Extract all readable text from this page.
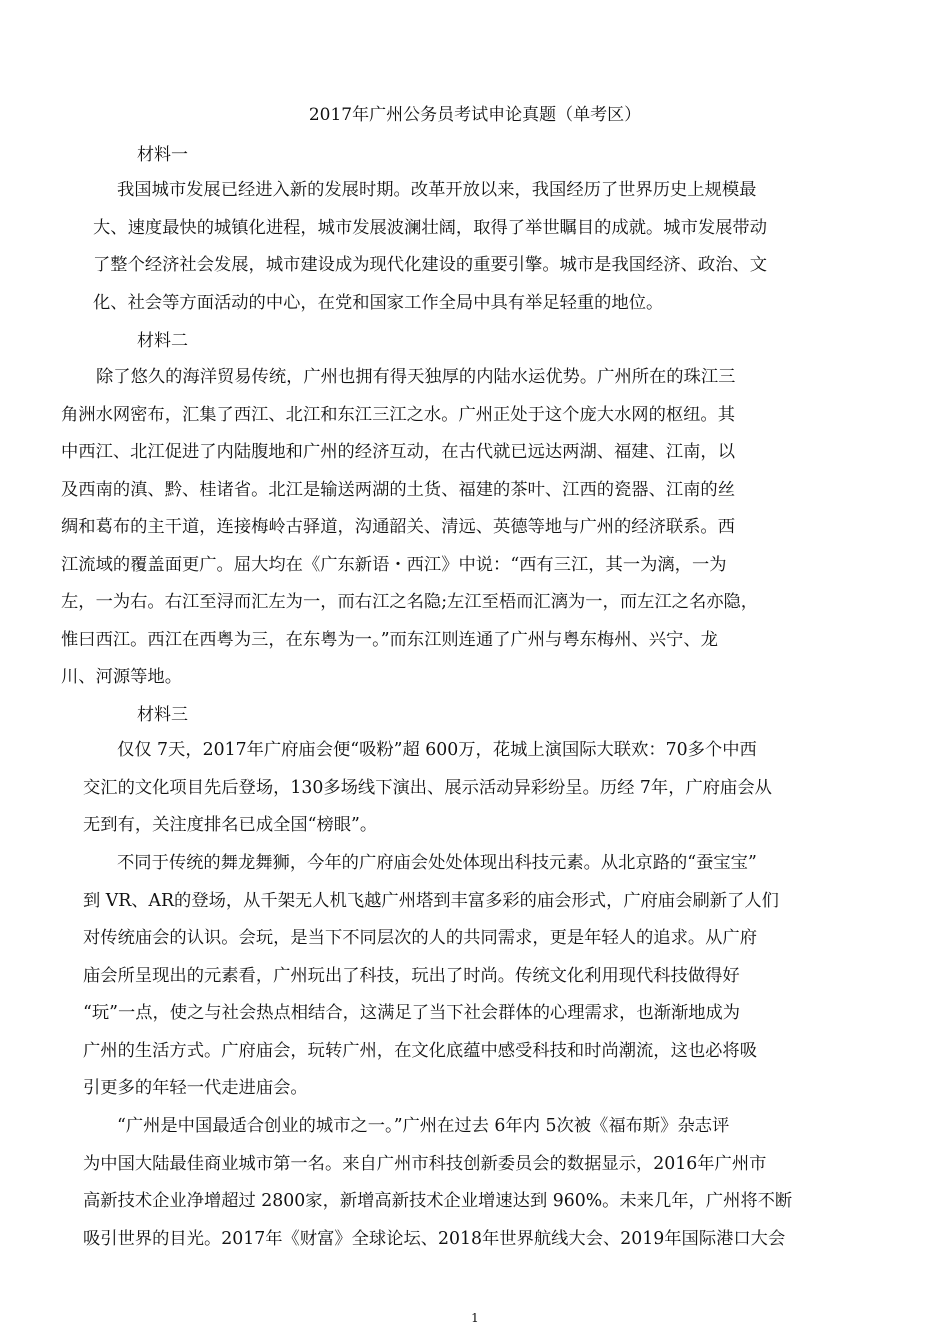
2017年广州公务员考试申论真题（单考区）
材料一
我国城市发展已经进入新的发展时期。改革开放以来，我国经历了世界历史上规模最
大、速度最快的城镇化进程，城市发展波澜壮阔，取得了举世瞩目的成就。城市发展带动
了整个经济社会发展，城市建设成为现代化建设的重要引擎。城市是我国经济、政治、文
化、社会等方面活动的中心，在党和国家工作全局中具有举足轻重的地位。
材料二
除了悠久的海洋贸易传统，广州也拥有得天独厚的内陆水运优势。广州所在的珠江三
角洲水网密布，汇集了西江、北江和东江三江之水。广州正处于这个庞大水网的枢纽。其
中西江、北江促进了内陆腹地和广州的经济互动，在古代就已远达两湖、福建、江南，以
及西南的滇、黔、桂诸省。北江是输送两湖的土货、福建的茶叶、江西的瓷器、江南的丝
绸和葛布的主干道，连接梅岭古驿道，沟通韶关、清远、英德等地与广州的经济联系。西
江流域的覆盖面更广。屈大均在《广东新语・西江》中说：“西有三江，其一为漓，一为
左，一为右。右江至浔而汇左为一，而右江之名隐;左江至梧而汇漓为一，而左江之名亦隐，
惟曰西江。西江在西粤为三，在东粤为一。”而东江则连通了广州与粤东梅州、兴宁、龙
川、河源等地。
材料三
仅仅 7天，2017年广府庙会便“吸粉”超 600万，花城上演国际大联欢：70多个中西
交汇的文化项目先后登场，130多场线下演出、展示活动异彩纷呈。历经 7年，广府庙会从
无到有，关注度排名已成全国“榜眼”。
不同于传统的舞龙舞狮，今年的广府庙会处处体现出科技元素。从北京路的“蚕宝宝”
到 VR、AR的登场，从千架无人机飞越广州塔到丰富多彩的庙会形式，广府庙会刷新了人们
对传统庙会的认识。会玩，是当下不同层次的人的共同需求，更是年轻人的追求。从广府
庙会所呈现出的元素看，广州玩出了科技，玩出了时尚。传统文化利用现代科技做得好
“玩”一点，使之与社会热点相结合，这满足了当下社会群体的心理需求，也渐渐地成为
广州的生活方式。广府庙会，玩转广州，在文化底蕴中感受科技和时尚潮流，这也必将吸
引更多的年轻一代走进庙会。
“广州是中国最适合创业的城市之一。”广州在过去 6年内 5次被《福布斯》杂志评
为中国大陆最佳商业城市第一名。来自广州市科技创新委员会的数据显示，2016年广州市
高新技术企业净增超过 2800家，新增高新技术企业增速达到 960%。未来几年，广州将不断
吸引世界的目光。2017年《财富》全球论坛、2018年世界航线大会、2019年国际港口大会
1
